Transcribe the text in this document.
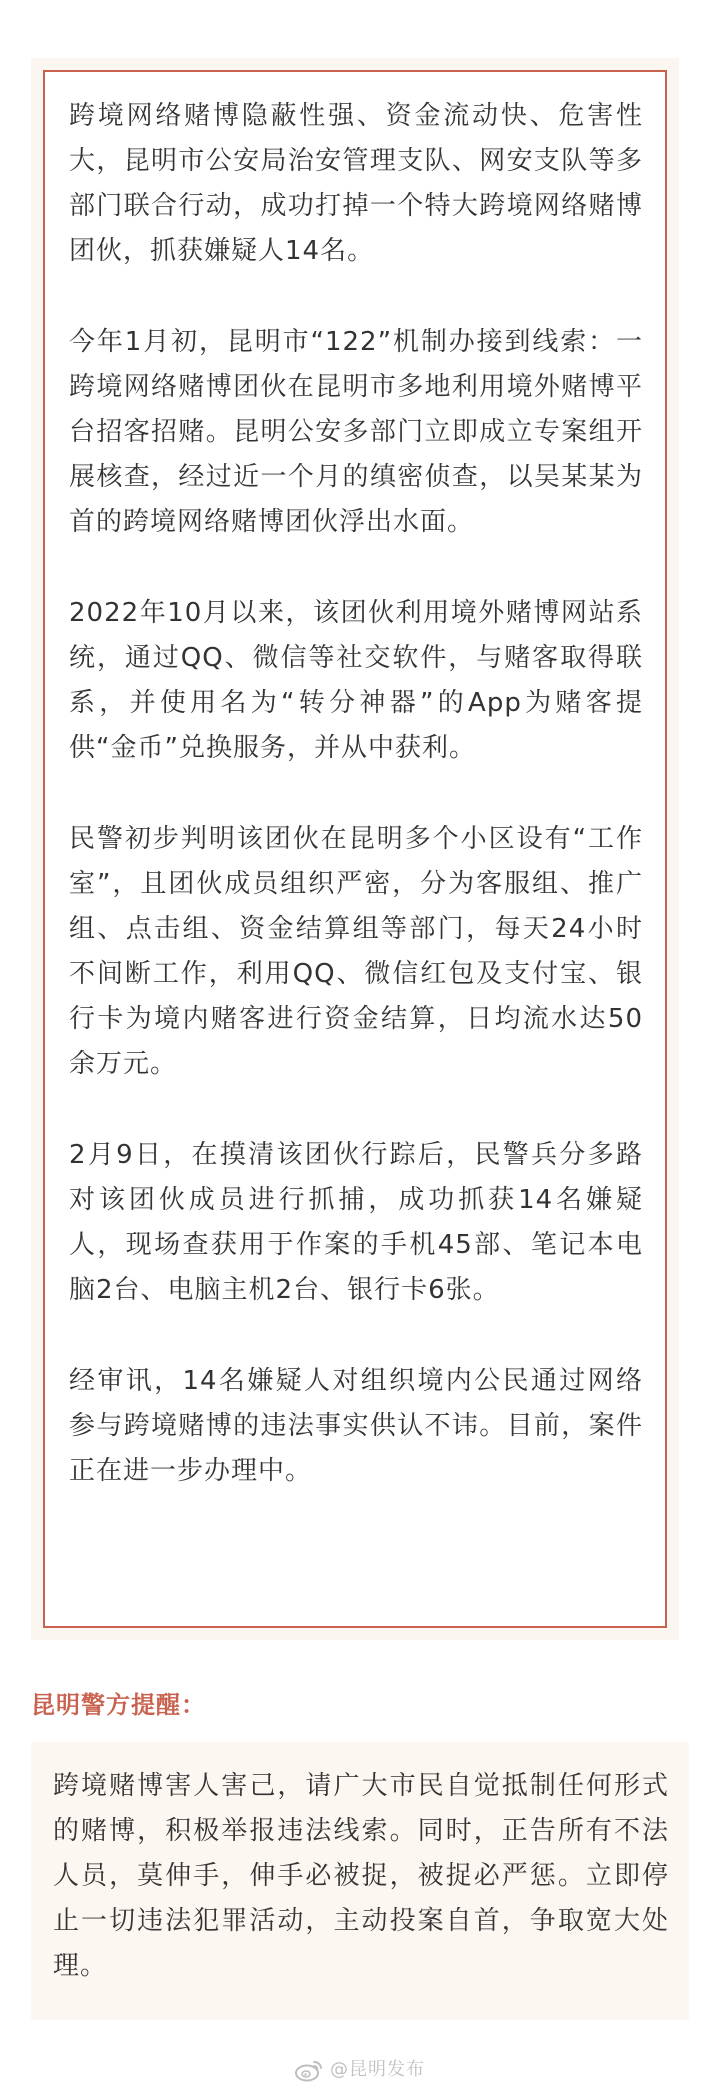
跨境网络赌博隐蔽性强、资金流动快、危害性大，昆明市公安局治安管理支队、网安支队等多部门联合行动，成功打掉一个特大跨境网络赌博团伙，抓获嫌疑人14名。

今年1月初，昆明市“122”机制办接到线索：一跨境网络赌博团伙在昆明市多地利用境外赌博平台招客招赌。昆明公安多部门立即成立专案组开展核查，经过近一个月的缜密侦查，以吴某某为首的跨境网络赌博团伙浮出水面。

2022年10月以来，该团伙利用境外赌博网站系统，通过QQ、微信等社交软件，与赌客取得联系，并使用名为“转分神器”的App为赌客提供“金币”兑换服务，并从中获利。

民警初步判明该团伙在昆明多个小区设有“工作室”，且团伙成员组织严密，分为客服组、推广组、点击组、资金结算组等部门，每天24小时不间断工作，利用QQ、微信红包及支付宝、银行卡为境内赌客进行资金结算，日均流水达50余万元。

2月9日，在摸清该团伙行踪后，民警兵分多路对该团伙成员进行抓捕，成功抓获14名嫌疑人，现场查获用于作案的手机45部、笔记本电脑2台、电脑主机2台、银行卡6张。

经审讯，14名嫌疑人对组织境内公民通过网络参与跨境赌博的违法事实供认不讳。目前，案件正在进一步办理中。

昆明警方提醒：

跨境赌博害人害己，请广大市民自觉抵制任何形式的赌博，积极举报违法线索。同时，正告所有不法人员，莫伸手，伸手必被捉，被捉必严惩。立即停止一切违法犯罪活动，主动投案自首，争取宽大处理。

@昆明发布
